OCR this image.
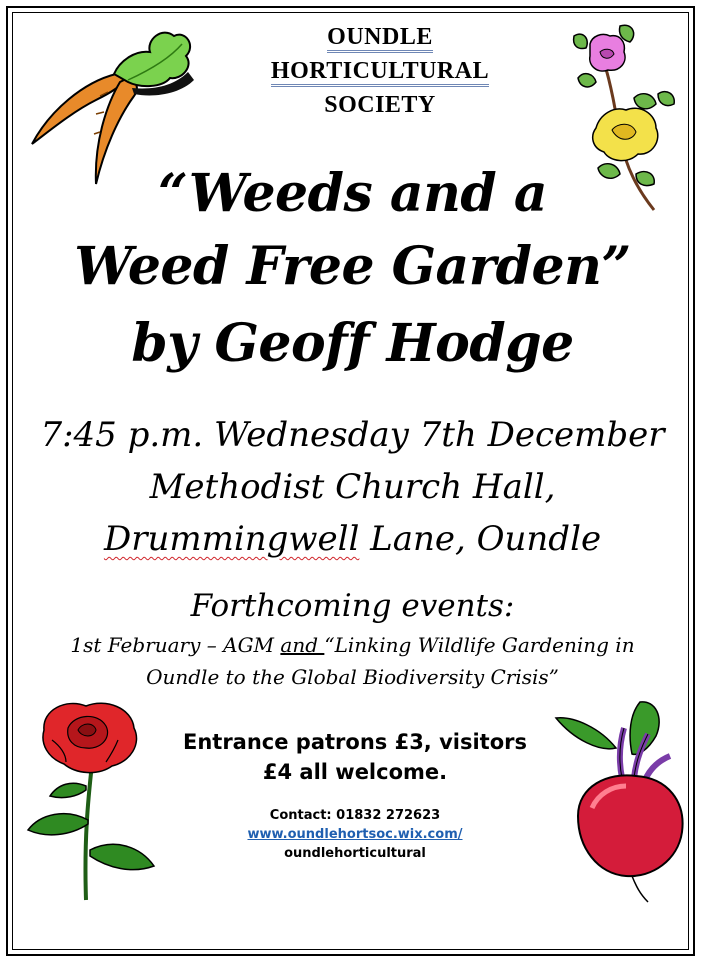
OUNDLE
HORTICULTURAL
SOCIETY
“Weeds and a
Weed Free Garden”
by Geoff Hodge
7:45 p.m. Wednesday 7th December
Methodist Church Hall,
Drummingwell Lane, Oundle
Forthcoming events:
1st February – AGM and “Linking Wildlife Gardening in
Oundle to the Global Biodiversity Crisis”
Entrance patrons £3, visitors
£4 all welcome.
Contact: 01832 272623
www.oundlehortsoc.wix.com/
oundlehorticultural
